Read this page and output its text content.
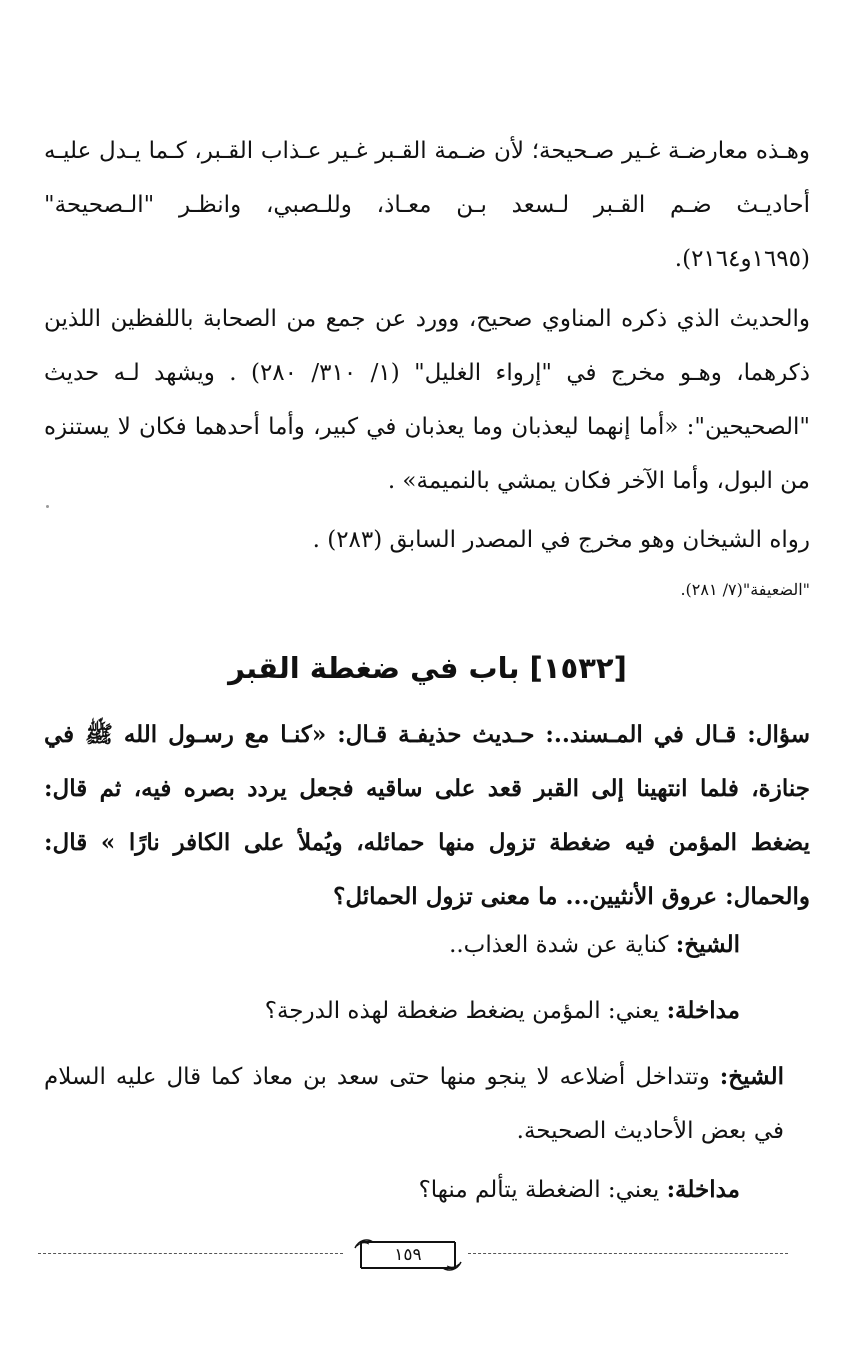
وهـذه معارضـة غـير صـحيحة؛ لأن ضـمة القـبر غـير عـذاب القـبر، كـما يـدل عليـه أحاديـث ضـم القـبر لـسعد بـن معـاذ، وللـصبي، وانظـر "الـصحيحة" (١٦٩٥و٢١٦٤).

والحديث الذي ذكره المناوي صحيح، وورد عن جمع من الصحابة باللفظين اللذين ذكرهما، وهـو مخرج في "إرواء الغليل" (١/ ٣١٠/ ٢٨٠) . ويشهد لـه حديث "الصحيحين": «أما إنهما ليعذبان وما يعذبان في كبير، وأما أحدهما فكان لا يستنزه من البول، وأما الآخر فكان يمشي بالنميمة» .

رواه الشيخان وهو مخرج في المصدر السابق (٢٨٣) .

"الضعيفة"(٧/ ٢٨١).

[١٥٣٢] باب في ضغطة القبر

سؤال: قـال في المـسند..: حـديث حذيفـة قـال: «كنـا مع رسـول الله ﷺ في جنازة، فلما انتهينا إلى القبر قعد على ساقيه فجعل يردد بصره فيه، ثم قال: يضغط المؤمن فيه ضغطة تزول منها حمائله، ويُملأ على الكافر نارًا » قال: والحمال: عروق الأنثيين... ما معنى تزول الحمائل؟

الشيخ: كناية عن شدة العذاب..

مداخلة: يعني: المؤمن يضغط ضغطة لهذه الدرجة؟

الشيخ: وتتداخل أضلاعه لا ينجو منها حتى سعد بن معاذ كما قال عليه السلام في بعض الأحاديث الصحيحة.

مداخلة: يعني: الضغطة يتألم منها؟

١٥٩
